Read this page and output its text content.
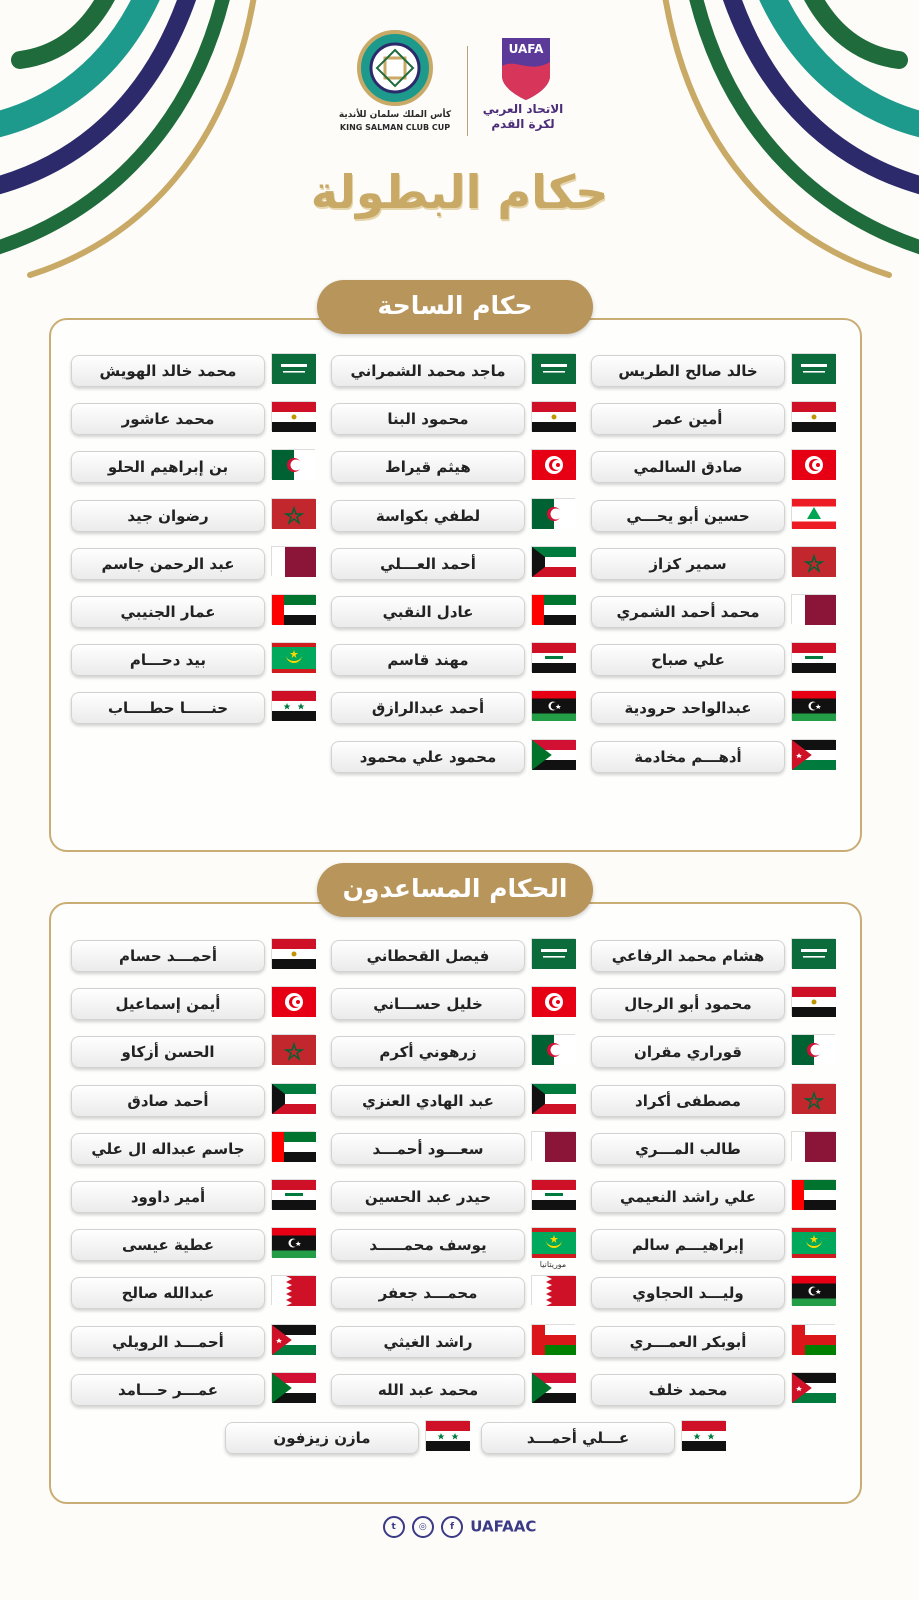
كأس الملك سلمان للأندية
KING SALMAN CLUB CUP
UAFA
الاتحاد العربي
لكرة القدم
حكام البطولة
حكام الساحة
الحكام المساعدون
خالد صالح الطريس
ماجد محمد الشمراني
محمد خالد الهويش
أمين عمر
محمود البنا
محمد عاشور
صادق السالمي
هيثم قيراط
بن إبراهيم الحلو
حسين أبو يحـــي
لطفي بكواسة
رضوان جيد
سمير كزاز
أحمد العـــلي
عبد الرحمن جاسم
محمد أحمد الشمري
عادل النقبي
عمار الجنيبي
علي صباح
مهند قاسم
بيد دحـــام
عبدالواحد حرودية
أحمد عبدالرازق
حنـــــا حطــــاب
أدهـــم مخادمة
محمود علي محمود
هشام محمد الرفاعي
فيصل القحطاني
أحمـــد حسام
محمود أبو الرجال
خليل حســـاني
أيمن إسماعيل
قوراري مقران
زرهوني أكرم
الحسن أزكاو
مصطفى أكراد
عبد الهادي العنزي
أحمد صادق
طالب المـــري
سعـــود أحمـــد
جاسم عبداله ال علي
علي راشد النعيمي
حيدر عبد الحسين
أمير داوود
إبراهيـــم سالم
يوسف محمـــــد
موريتانيا
عطية عيسى
وليـــد الحجاوي
محمـــد جعفر
عبدالله صالح
أبوبكر العمـــري
راشد الغيثي
أحمـــد الرويلي
محمد خلف
محمد عبد الله
عمـــر حـــامد
عـــلي أحمـــد
مازن زيزفون
t	◎	f UAFAAC
